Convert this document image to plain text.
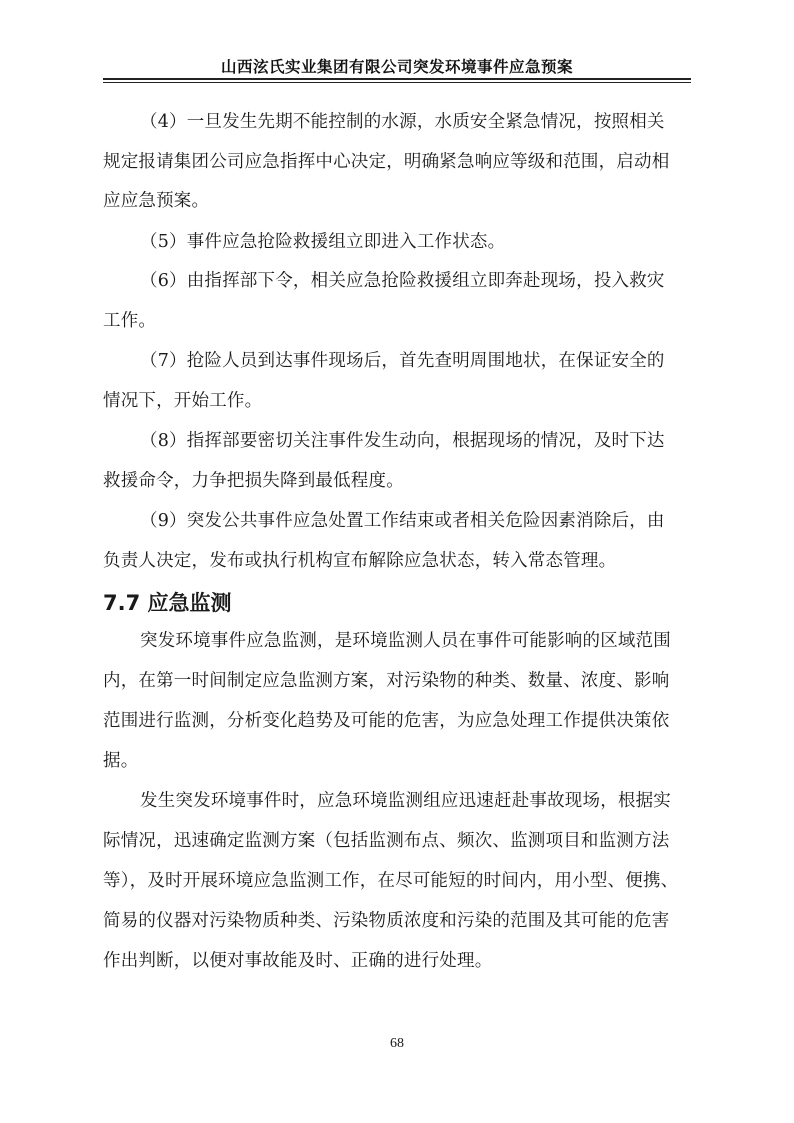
山西泫氏实业集团有限公司突发环境事件应急预案
（4）一旦发生先期不能控制的水源，水质安全紧急情况，按照相关
规定报请集团公司应急指挥中心决定，明确紧急响应等级和范围，启动相
应应急预案。
（5）事件应急抢险救援组立即进入工作状态。
（6）由指挥部下令，相关应急抢险救援组立即奔赴现场，投入救灾
工作。
（7）抢险人员到达事件现场后，首先查明周围地状，在保证安全的
情况下，开始工作。
（8）指挥部要密切关注事件发生动向，根据现场的情况，及时下达
救援命令，力争把损失降到最低程度。
（9）突发公共事件应急处置工作结束或者相关危险因素消除后，由
负责人决定，发布或执行机构宣布解除应急状态，转入常态管理。
7.7 应急监测
突发环境事件应急监测，是环境监测人员在事件可能影响的区域范围
内，在第一时间制定应急监测方案，对污染物的种类、数量、浓度、影响
范围进行监测，分析变化趋势及可能的危害，为应急处理工作提供决策依
据。
发生突发环境事件时，应急环境监测组应迅速赶赴事故现场，根据实
际情况，迅速确定监测方案（包括监测布点、频次、监测项目和监测方法
等），及时开展环境应急监测工作，在尽可能短的时间内，用小型、便携、
简易的仪器对污染物质种类、污染物质浓度和污染的范围及其可能的危害
作出判断，以便对事故能及时、正确的进行处理。
68
